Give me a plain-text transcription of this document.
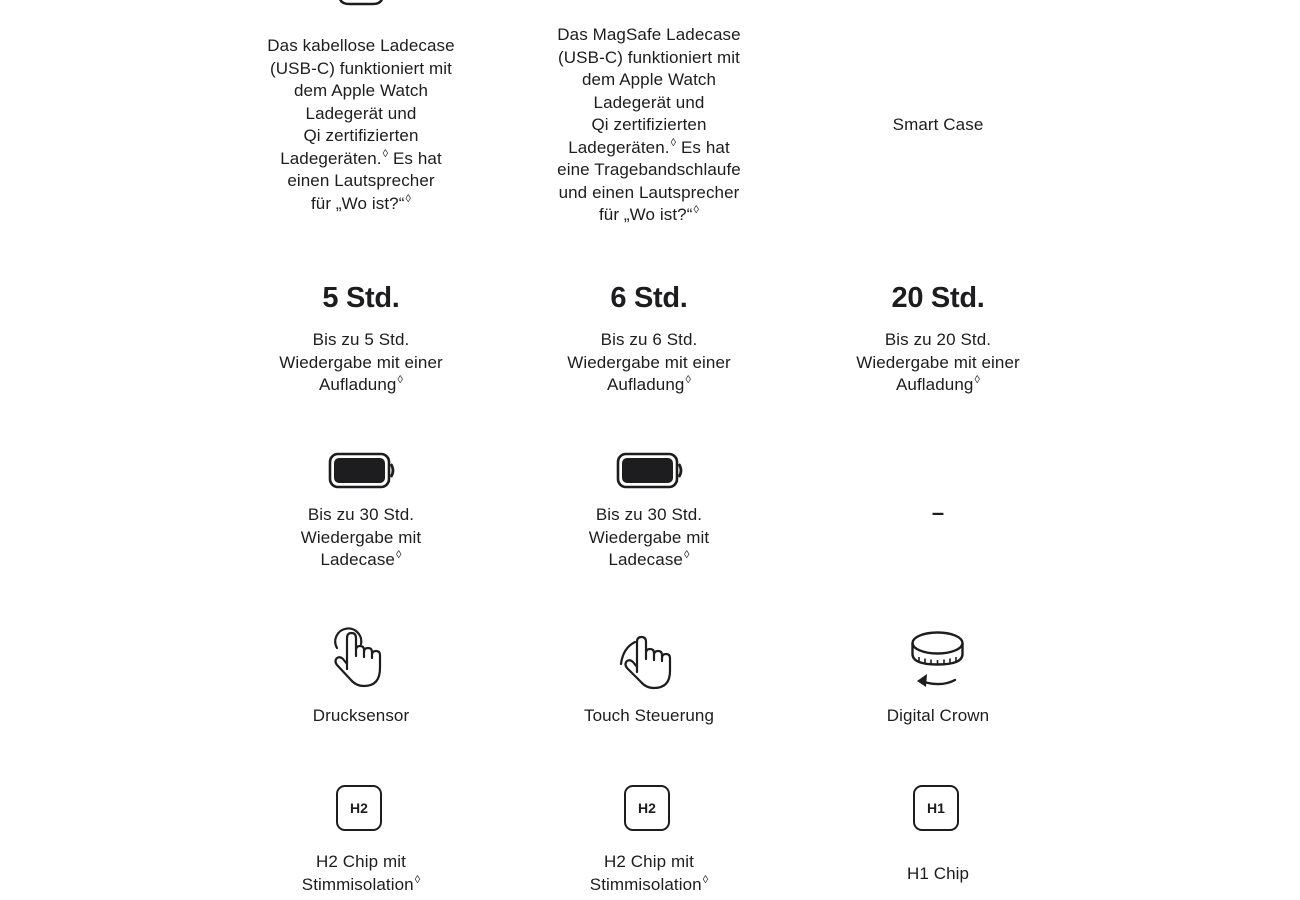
Das kabellose Ladecase
(USB-C) funktioniert mit
dem Apple Watch
Ladegerät und
Qi zertifizierten
Ladegeräten.◊ Es hat
einen Lautsprecher
für „Wo ist?“◊
5 Std.
Bis zu 5 Std.
Wiedergabe mit einer
Aufladung◊
Bis zu 30 Std.
Wiedergabe mit
Ladecase◊
Drucksensor
H2
H2 Chip mit
Stimmisolation◊
Das MagSafe Ladecase
(USB-C) funktioniert mit
dem Apple Watch
Ladegerät und
Qi zertifizierten
Ladegeräten.◊ Es hat
eine Tragebandschlaufe
und einen Lautsprecher
für „Wo ist?“◊
6 Std.
Bis zu 6 Std.
Wiedergabe mit einer
Aufladung◊
Bis zu 30 Std.
Wiedergabe mit
Ladecase◊
Touch Steuerung
H2
H2 Chip mit
Stimmisolation◊
Smart Case
20 Std.
Bis zu 20 Std.
Wiedergabe mit einer
Aufladung◊
–
Digital Crown
H1
H1 Chip
